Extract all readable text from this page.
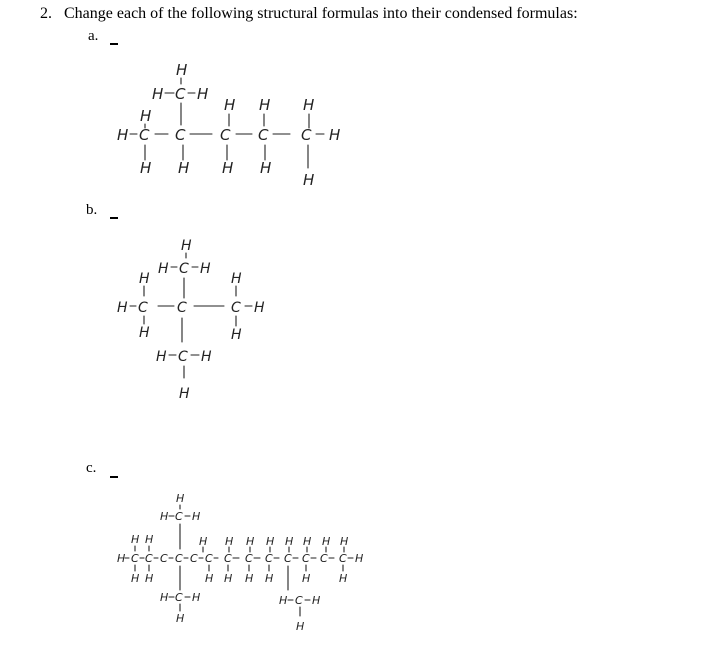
2. Change each of the following structural formulas into their condensed formulas:
a.
b.
c.
H
H C H
H
H H H
H C C C C C H
H H H H
H
H
H C H
H	H
H C C	C H
H	H
H C H
H
H
H C H
H H	H H H H H H H H
H C C C C C C C C C C C C C H
H H	H H H H	H	H
H C H
H
H C H
H
